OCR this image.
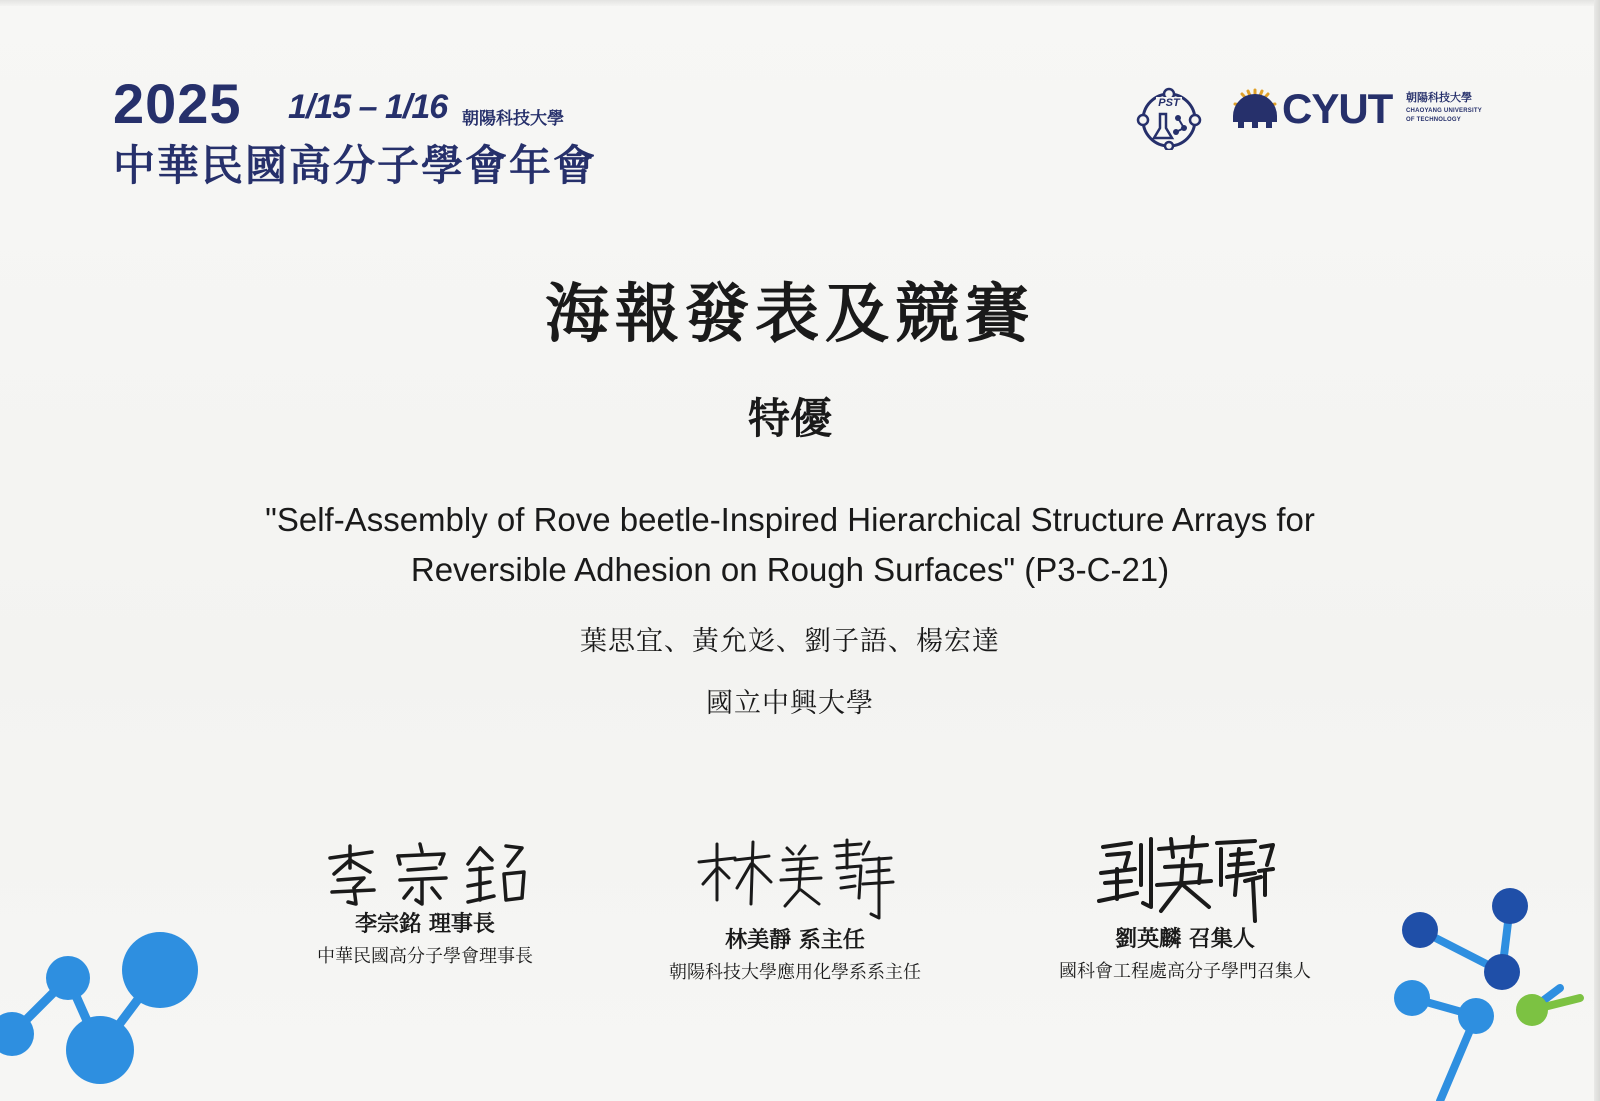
2025 1/15 – 1/16 朝陽科技大學
中華民國高分子學會年會
PST CYUT 朝陽科技大學
CHAOYANG UNIVERSITY
OF TECHNOLOGY
海報發表及競賽
特優
"Self-Assembly of Rove beetle-Inspired Hierarchical Structure Arrays for
Reversible Adhesion on Rough Surfaces" (P3-C-21)
葉思宜、黃允彣、劉子語、楊宏達
國立中興大學
李宗銘 理事長
中華民國高分子學會理事長
林美靜 系主任
朝陽科技大學應用化學系系主任
劉英麟 召集人
國科會工程處高分子學門召集人
